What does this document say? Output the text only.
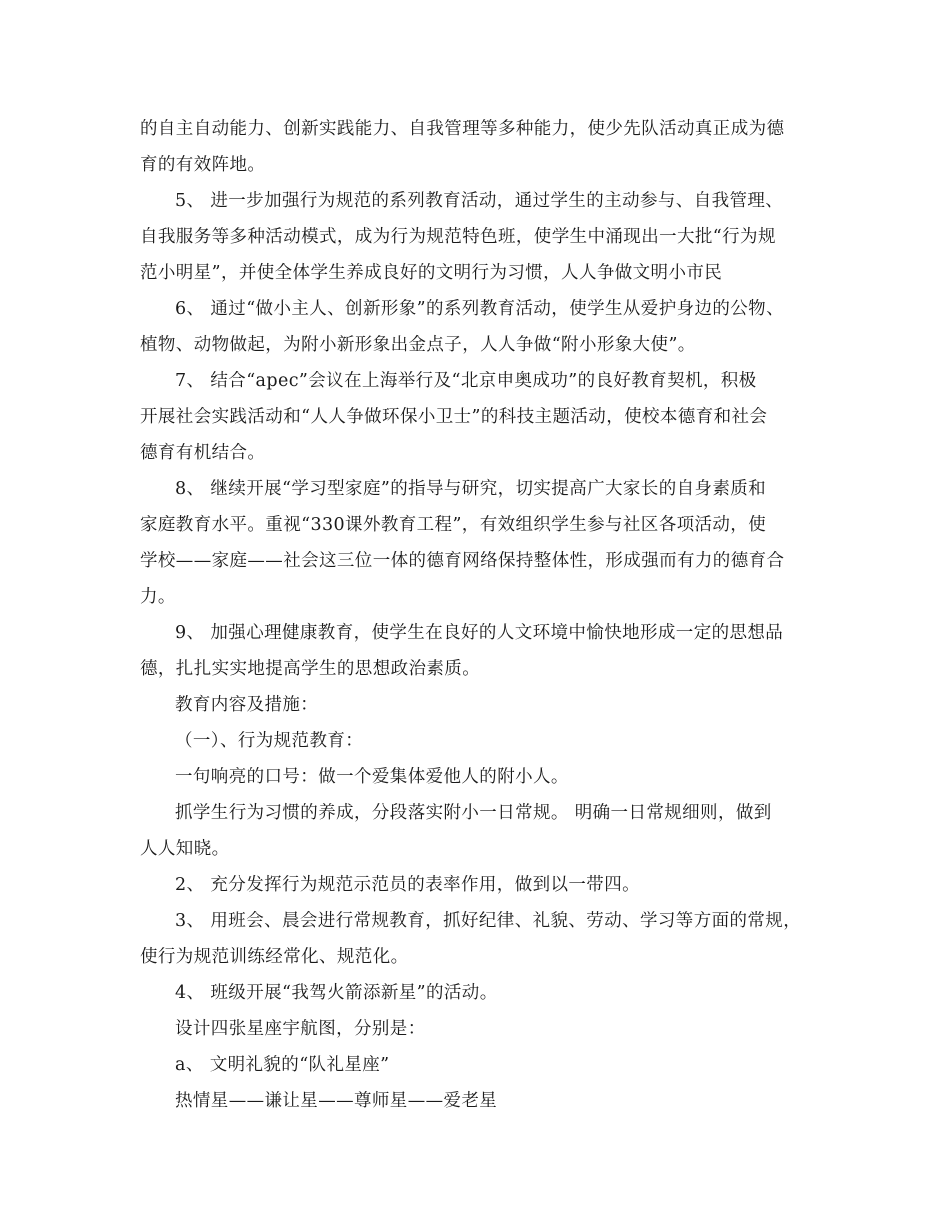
的自主自动能力、创新实践能力、自我管理等多种能力，使少先队活动真正成为德
育的有效阵地。
5、 进一步加强行为规范的系列教育活动，通过学生的主动参与、自我管理、
自我服务等多种活动模式，成为行为规范特色班，使学生中涌现出一大批“行为规
范小明星”，并使全体学生养成良好的文明行为习惯，人人争做文明小市民
6、 通过“做小主人、创新形象”的系列教育活动，使学生从爱护身边的公物、
植物、动物做起，为附小新形象出金点子，人人争做“附小形象大使”。
7、 结合“apec”会议在上海举行及“北京申奥成功”的良好教育契机，积极
开展社会实践活动和“人人争做环保小卫士”的科技主题活动，使校本德育和社会
德育有机结合。
8、 继续开展“学习型家庭”的指导与研究，切实提高广大家长的自身素质和
家庭教育水平。重视“330课外教育工程”，有效组织学生参与社区各项活动，使
学校——家庭——社会这三位一体的德育网络保持整体性，形成强而有力的德育合
力。
9、 加强心理健康教育，使学生在良好的人文环境中愉快地形成一定的思想品
德，扎扎实实地提高学生的思想政治素质。
教育内容及措施：
（一）、行为规范教育：
一句响亮的口号：做一个爱集体爱他人的附小人。
抓学生行为习惯的养成，分段落实附小一日常规。 明确一日常规细则，做到
人人知晓。
2、 充分发挥行为规范示范员的表率作用，做到以一带四。
3、 用班会、晨会进行常规教育，抓好纪律、礼貌、劳动、学习等方面的常规，
使行为规范训练经常化、规范化。
4、 班级开展“我驾火箭添新星”的活动。
设计四张星座宇航图，分别是：
a、 文明礼貌的“队礼星座”
热情星——谦让星——尊师星——爱老星
